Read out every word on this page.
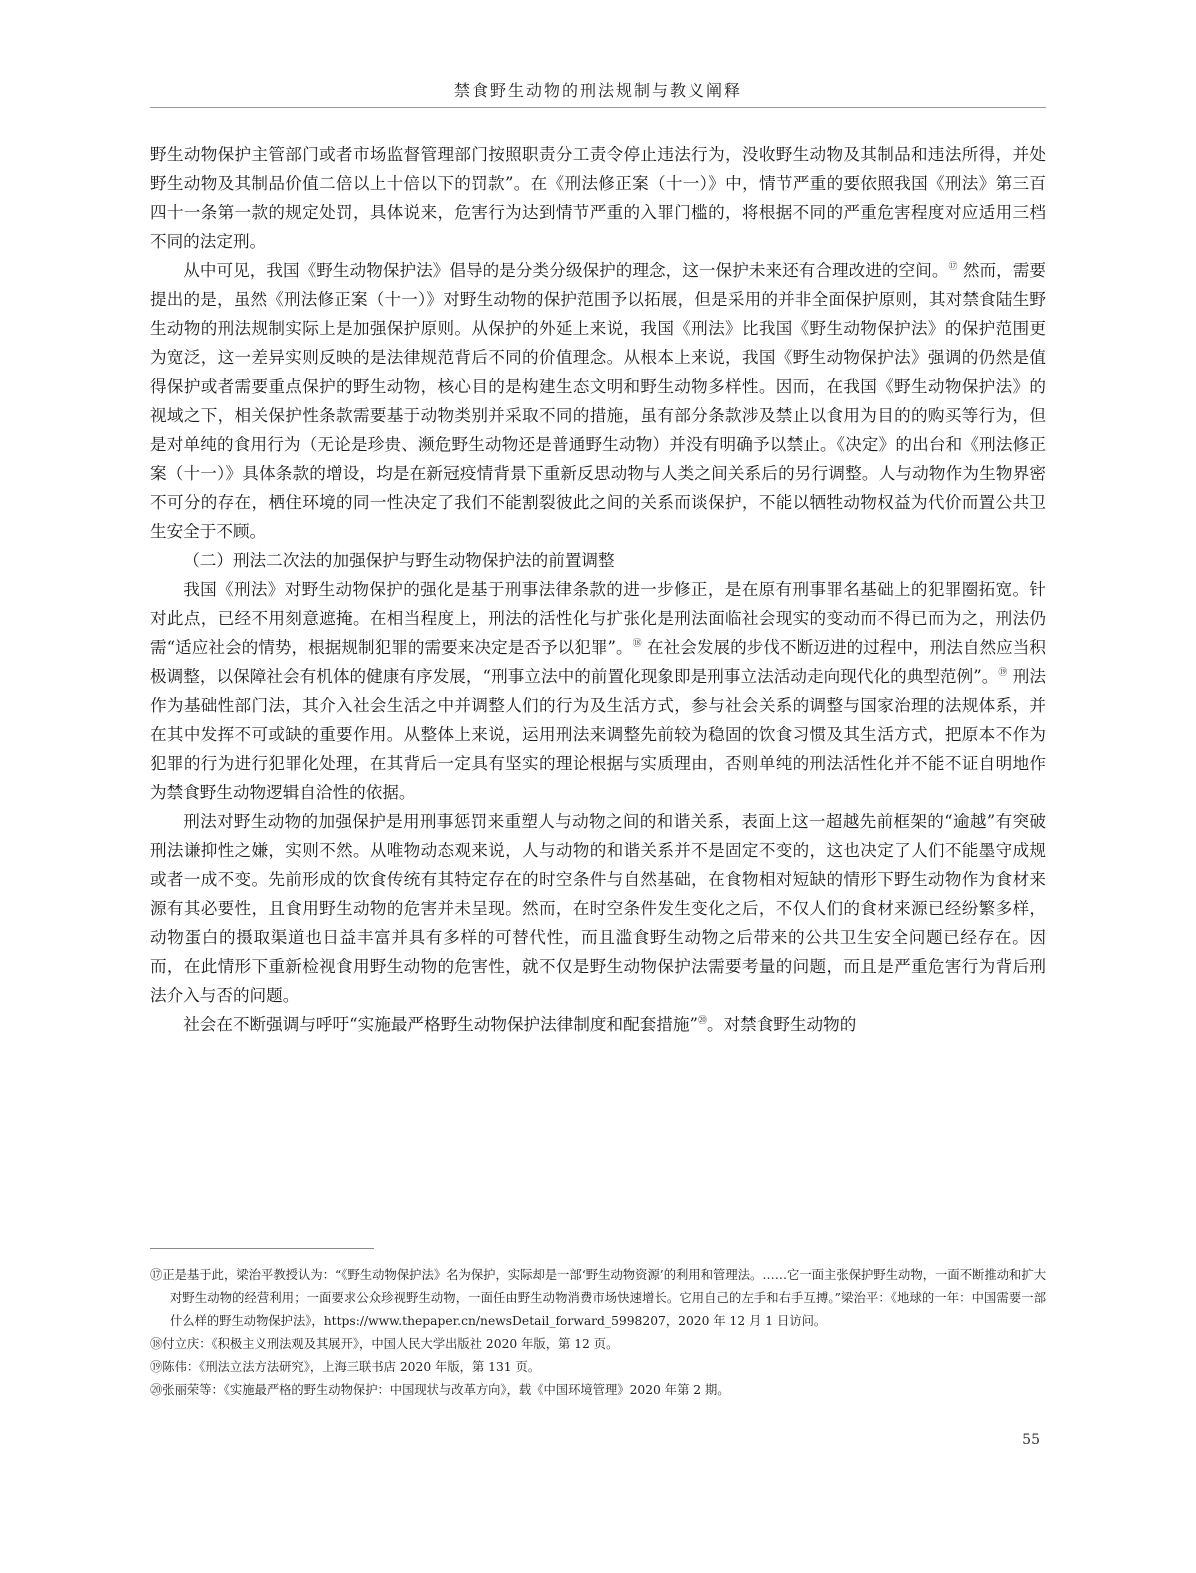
禁食野生动物的刑法规制与教义阐释

野生动物保护主管部门或者市场监督管理部门按照职责分工责令停止违法行为，没收野生动物及其制品和违法所得，并处野生动物及其制品价值二倍以上十倍以下的罚款”。在《刑法修正案（十一）》中，情节严重的要依照我国《刑法》第三百四十一条第一款的规定处罚，具体说来，危害行为达到情节严重的入罪门槛的，将根据不同的严重危害程度对应适用三档不同的法定刑。

从中可见，我国《野生动物保护法》倡导的是分类分级保护的理念，这一保护未来还有合理改进的空间。⑰ 然而，需要提出的是，虽然《刑法修正案（十一）》对野生动物的保护范围予以拓展，但是采用的并非全面保护原则，其对禁食陆生野生动物的刑法规制实际上是加强保护原则。从保护的外延上来说，我国《刑法》比我国《野生动物保护法》的保护范围更为宽泛，这一差异实则反映的是法律规范背后不同的价值理念。从根本上来说，我国《野生动物保护法》强调的仍然是值得保护或者需要重点保护的野生动物，核心目的是构建生态文明和野生动物多样性。因而，在我国《野生动物保护法》的视域之下，相关保护性条款需要基于动物类别并采取不同的措施，虽有部分条款涉及禁止以食用为目的的购买等行为，但是对单纯的食用行为（无论是珍贵、濒危野生动物还是普通野生动物）并没有明确予以禁止。《决定》的出台和《刑法修正案（十一）》具体条款的增设，均是在新冠疫情背景下重新反思动物与人类之间关系后的另行调整。人与动物作为生物界密不可分的存在，栖住环境的同一性决定了我们不能割裂彼此之间的关系而谈保护，不能以牺牲动物权益为代价而置公共卫生安全于不顾。

（二）刑法二次法的加强保护与野生动物保护法的前置调整

我国《刑法》对野生动物保护的强化是基于刑事法律条款的进一步修正，是在原有刑事罪名基础上的犯罪圈拓宽。针对此点，已经不用刻意遮掩。在相当程度上，刑法的活性化与扩张化是刑法面临社会现实的变动而不得已而为之，刑法仍需“适应社会的情势，根据规制犯罪的需要来决定是否予以犯罪”。⑱ 在社会发展的步伐不断迈进的过程中，刑法自然应当积极调整，以保障社会有机体的健康有序发展，“刑事立法中的前置化现象即是刑事立法活动走向现代化的典型范例”。⑲ 刑法作为基础性部门法，其介入社会生活之中并调整人们的行为及生活方式，参与社会关系的调整与国家治理的法规体系，并在其中发挥不可或缺的重要作用。从整体上来说，运用刑法来调整先前较为稳固的饮食习惯及其生活方式，把原本不作为犯罪的行为进行犯罪化处理，在其背后一定具有坚实的理论根据与实质理由，否则单纯的刑法活性化并不能不证自明地作为禁食野生动物逻辑自洽性的依据。

刑法对野生动物的加强保护是用刑事惩罚来重塑人与动物之间的和谐关系，表面上这一超越先前框架的“逾越”有突破刑法谦抑性之嫌，实则不然。从唯物动态观来说，人与动物的和谐关系并不是固定不变的，这也决定了人们不能墨守成规或者一成不变。先前形成的饮食传统有其特定存在的时空条件与自然基础，在食物相对短缺的情形下野生动物作为食材来源有其必要性，且食用野生动物的危害并未呈现。然而，在时空条件发生变化之后，不仅人们的食材来源已经纷繁多样，动物蛋白的摄取渠道也日益丰富并具有多样的可替代性，而且滥食野生动物之后带来的公共卫生安全问题已经存在。因而，在此情形下重新检视食用野生动物的危害性，就不仅是野生动物保护法需要考量的问题，而且是严重危害行为背后刑法介入与否的问题。

社会在不断强调与呼吁“实施最严格野生动物保护法律制度和配套措施”⑳。对禁食野生动物的

⑰正是基于此，梁治平教授认为：“《野生动物保护法》名为保护，实际却是一部‘野生动物资源’的利用和管理法。……它一面主张保护野生动物，一面不断推动和扩大对野生动物的经营利用；一面要求公众珍视野生动物，一面任由野生动物消费市场快速增长。它用自己的左手和右手互搏。”梁治平：《地球的一年：中国需要一部什么样的野生动物保护法》，https://www.thepaper.cn/newsDetail_forward_5998207，2020 年 12 月 1 日访问。

⑱付立庆：《积极主义刑法观及其展开》，中国人民大学出版社 2020 年版，第 12 页。

⑲陈伟：《刑法立法方法研究》，上海三联书店 2020 年版，第 131 页。

⑳张丽荣等：《实施最严格的野生动物保护：中国现状与改革方向》，载《中国环境管理》2020 年第 2 期。

55
